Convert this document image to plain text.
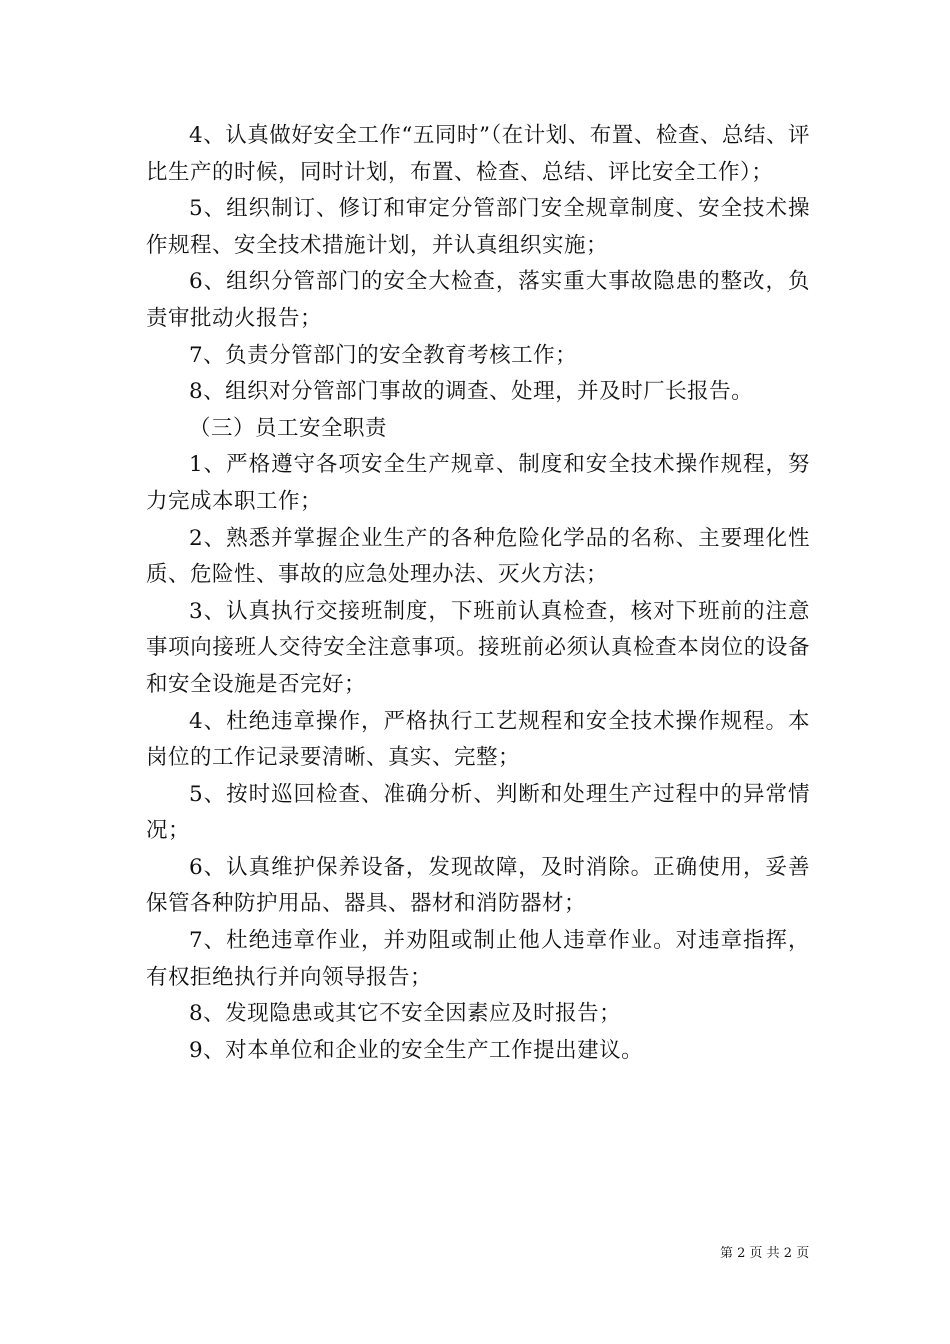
4、认真做好安全工作“五同时”（在计划、布置、检查、总结、评比生产的时候，同时计划，布置、检查、总结、评比安全工作）；

5、组织制订、修订和审定分管部门安全规章制度、安全技术操作规程、安全技术措施计划，并认真组织实施；

6、组织分管部门的安全大检查，落实重大事故隐患的整改，负责审批动火报告；

7、负责分管部门的安全教育考核工作；

8、组织对分管部门事故的调查、处理，并及时厂长报告。

（三）员工安全职责

1、严格遵守各项安全生产规章、制度和安全技术操作规程，努力完成本职工作；

2、熟悉并掌握企业生产的各种危险化学品的名称、主要理化性质、危险性、事故的应急处理办法、灭火方法；

3、认真执行交接班制度，下班前认真检查，核对下班前的注意事项向接班人交待安全注意事项。接班前必须认真检查本岗位的设备和安全设施是否完好；

4、杜绝违章操作，严格执行工艺规程和安全技术操作规程。本岗位的工作记录要清晰、真实、完整；

5、按时巡回检查、准确分析、判断和处理生产过程中的异常情况；

6、认真维护保养设备，发现故障，及时消除。正确使用，妥善保管各种防护用品、器具、器材和消防器材；

7、杜绝违章作业，并劝阻或制止他人违章作业。对违章指挥，有权拒绝执行并向领导报告；

8、发现隐患或其它不安全因素应及时报告；

9、对本单位和企业的安全生产工作提出建议。

第 2 页 共 2 页
